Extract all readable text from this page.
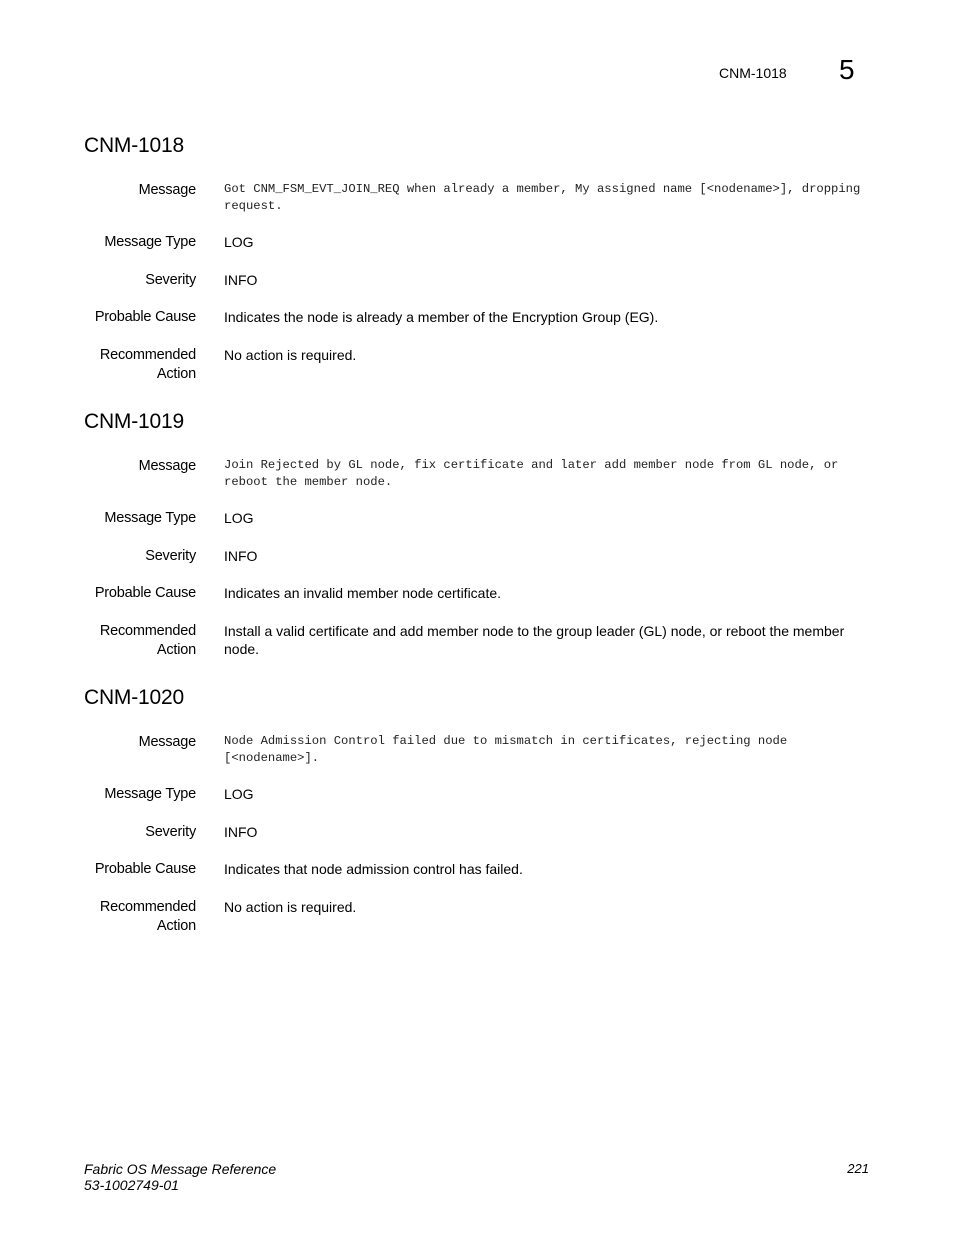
CNM-1018 5
CNM-1018
Message Got CNM_FSM_EVT_JOIN_REQ when already a member, My assigned name [<nodename>], dropping request.
Message Type LOG
Severity INFO
Probable Cause Indicates the node is already a member of the Encryption Group (EG).
Recommended
Action
No action is required.
CNM-1019
Message Join Rejected by GL node, fix certificate and later add member node from GL node, or reboot the member node.
Message Type LOG
Severity INFO
Probable Cause Indicates an invalid member node certificate.
Recommended
Action
Install a valid certificate and add member node to the group leader (GL) node, or reboot the member node.
CNM-1020
Message Node Admission Control failed due to mismatch in certificates, rejecting node [<nodename>].
Message Type LOG
Severity INFO
Probable Cause Indicates that node admission control has failed.
Recommended
Action
No action is required.
Fabric OS Message Reference
53-1002749-01
221
